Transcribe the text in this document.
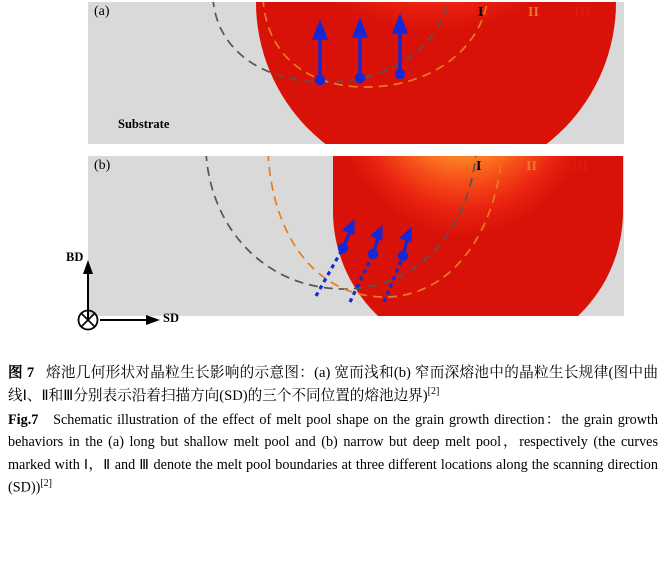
(a)
Substrate
I	II	III
(b)	I	II	III
BD
SD

图 7 熔池几何形状对晶粒生长影响的示意图：(a) 宽而浅和(b) 窄而深熔池中的晶粒生长规律(图中曲线Ⅰ、Ⅱ和Ⅲ分别表示沿着扫描方向(SD)的三个不同位置的熔池边界)[2]

Fig.7 Schematic illustration of the effect of melt pool shape on the grain growth direction：the grain growth behaviors in the (a) long but shallow melt pool and (b) narrow but deep melt pool，respectively (the curves marked with Ⅰ，Ⅱ and Ⅲ denote the melt pool boundaries at three different locations along the scanning direction (SD))[2]
